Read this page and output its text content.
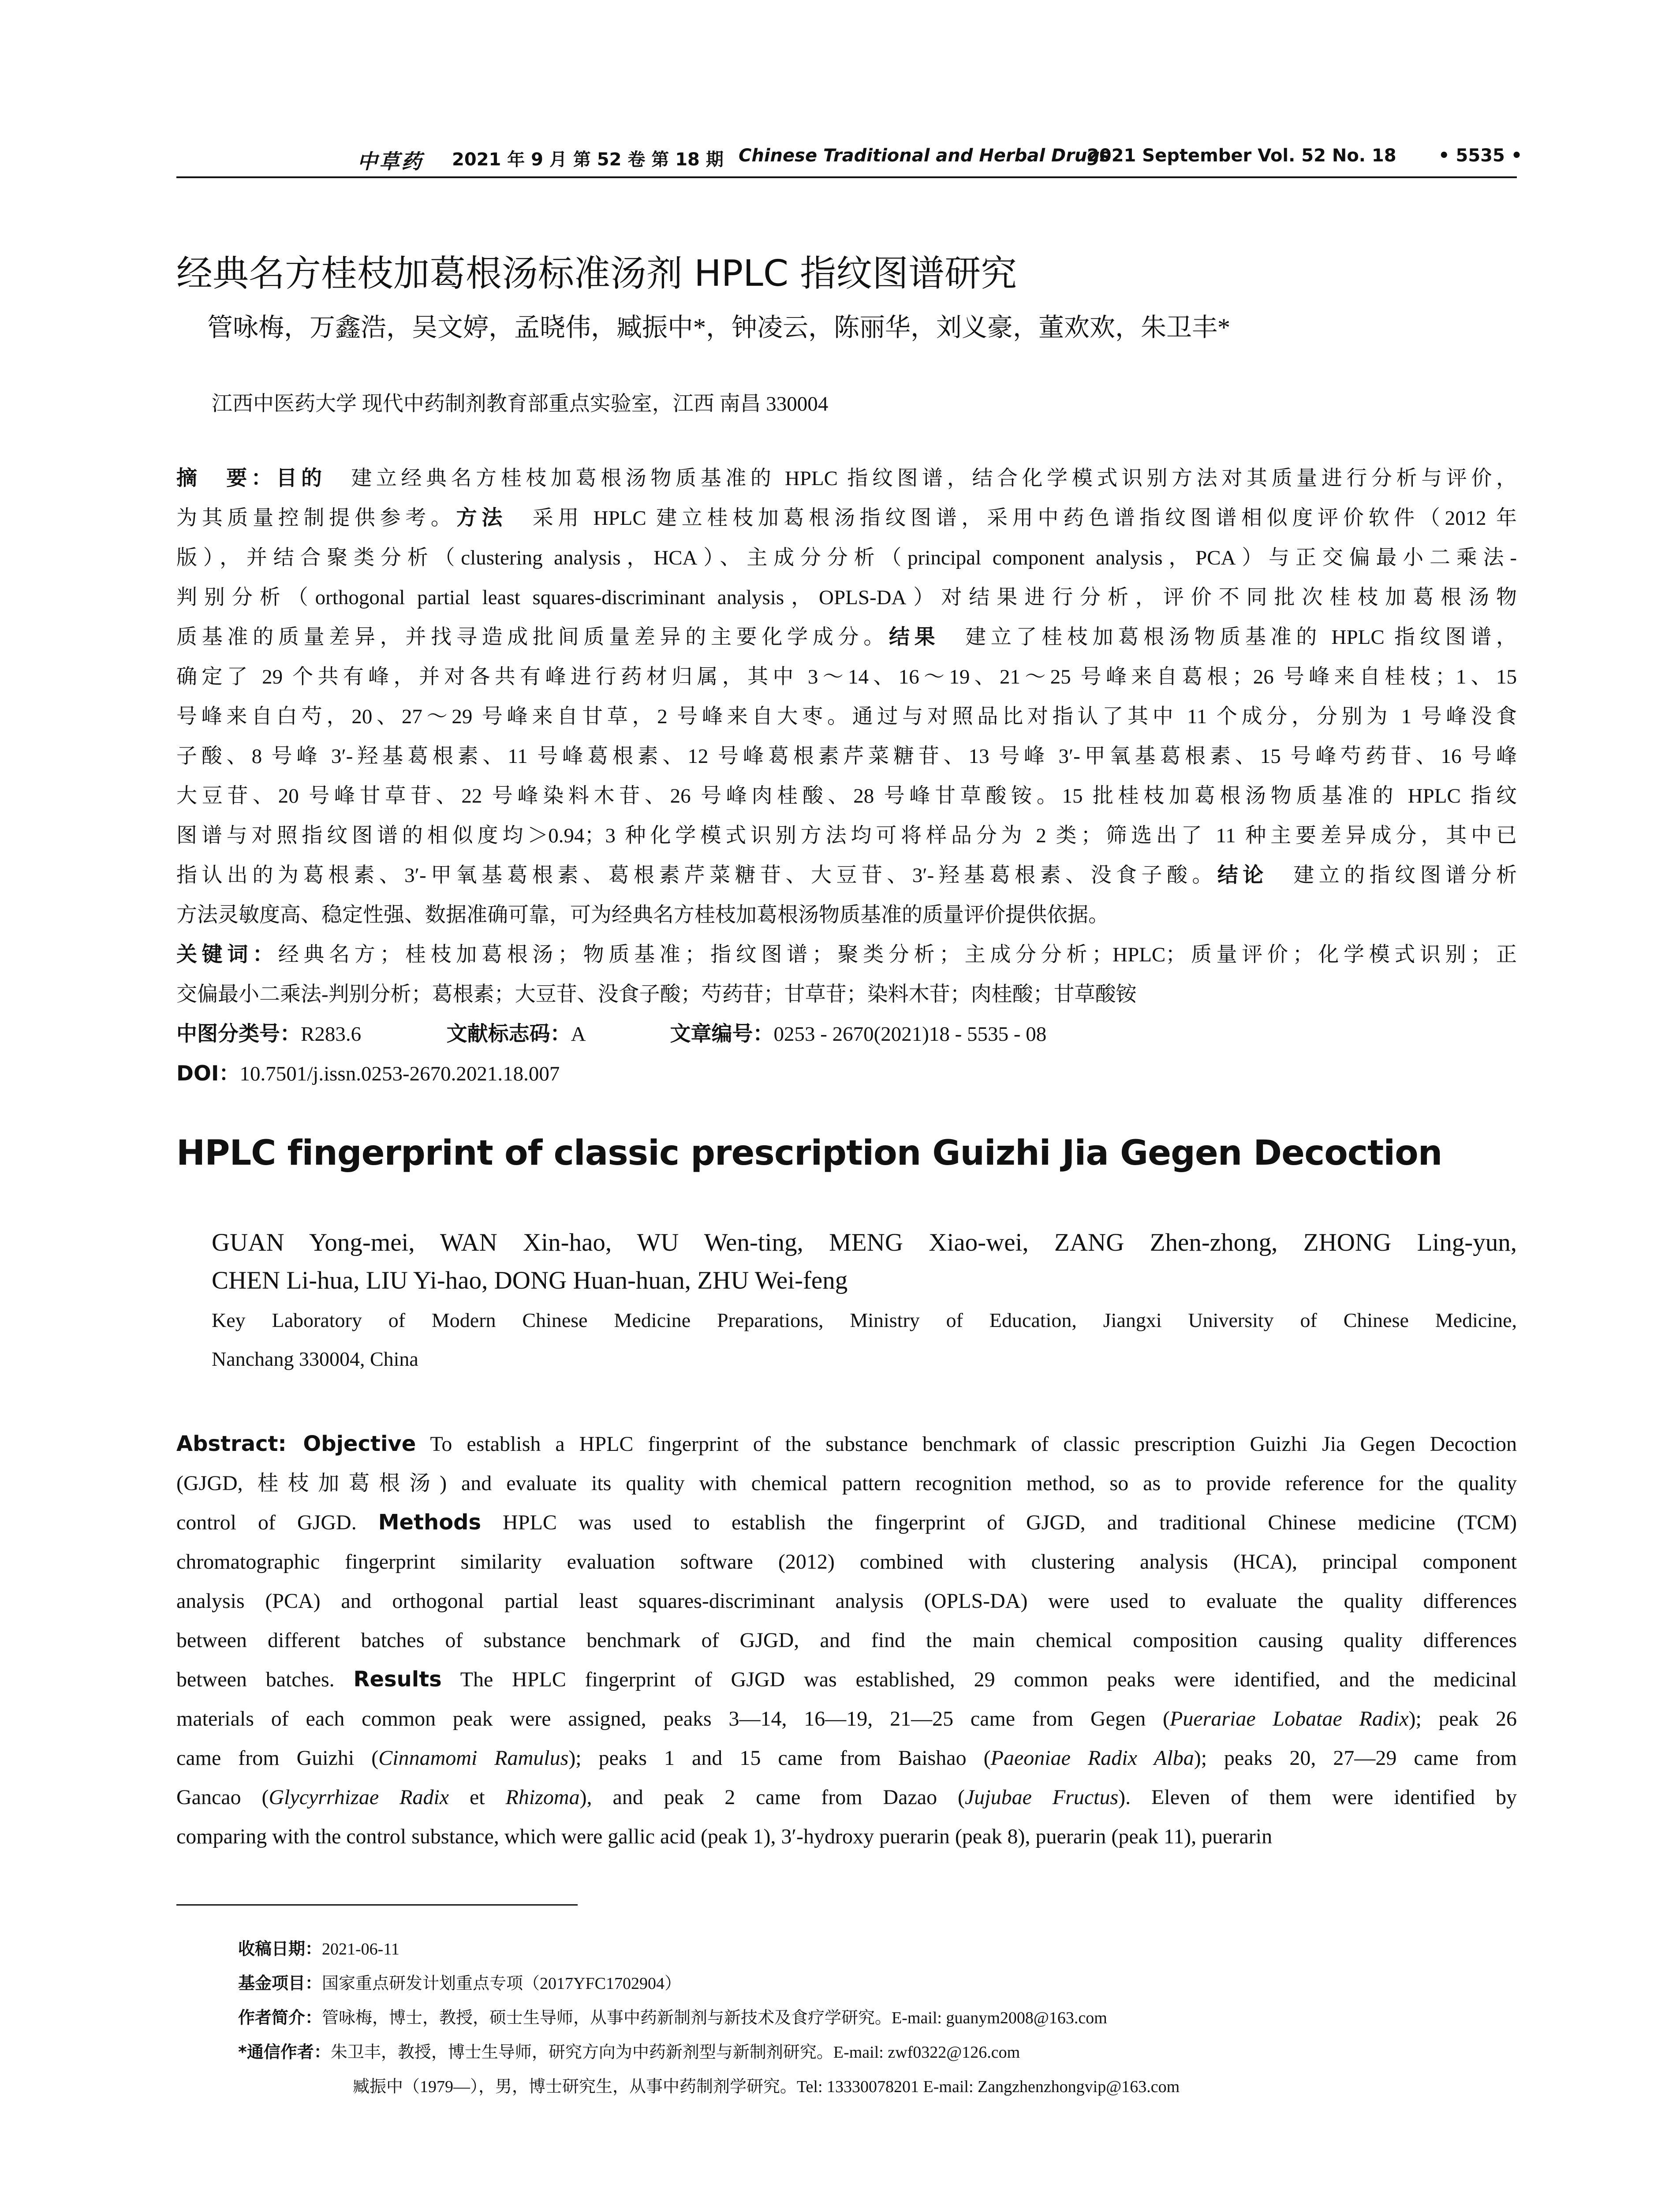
中草药 2021 年 9 月 第 52 卷 第 18 期 Chinese Traditional and Herbal Drugs
2021 September Vol. 52 No. 18 • 5535 •
经典名方桂枝加葛根汤标准汤剂 HPLC 指纹图谱研究
管咏梅，万鑫浩，吴文婷，孟晓伟，臧振中*，钟凌云，陈丽华，刘义豪，董欢欢，朱卫丰*
江西中医药大学 现代中药制剂教育部重点实验室，江西 南昌 330004
摘　要：目的　建立经典名方桂枝加葛根汤物质基准的 HPLC 指纹图谱，结合化学模式识别方法对其质量进行分析与评价，
为其质量控制提供参考。方法　采用 HPLC 建立桂枝加葛根汤指纹图谱，采用中药色谱指纹图谱相似度评价软件（2012 年
版），并结合聚类分析（clustering analysis，HCA）、主成分分析（principal component analysis，PCA）与正交偏最小二乘法-
判别分析（orthogonal partial least squares-discriminant analysis，OPLS-DA）对结果进行分析，评价不同批次桂枝加葛根汤物
质基准的质量差异，并找寻造成批间质量差异的主要化学成分。结果　建立了桂枝加葛根汤物质基准的 HPLC 指纹图谱，
确定了 29 个共有峰，并对各共有峰进行药材归属，其中 3～14、16～19、21～25 号峰来自葛根；26 号峰来自桂枝；1、15
号峰来自白芍，20、27～29 号峰来自甘草，2 号峰来自大枣。通过与对照品比对指认了其中 11 个成分，分别为 1 号峰没食
子酸、8 号峰 3′-羟基葛根素、11 号峰葛根素、12 号峰葛根素芹菜糖苷、13 号峰 3′-甲氧基葛根素、15 号峰芍药苷、16 号峰
大豆苷、20 号峰甘草苷、22 号峰染料木苷、26 号峰肉桂酸、28 号峰甘草酸铵。15 批桂枝加葛根汤物质基准的 HPLC 指纹
图谱与对照指纹图谱的相似度均＞0.94；3 种化学模式识别方法均可将样品分为 2 类；筛选出了 11 种主要差异成分，其中已
指认出的为葛根素、3′-甲氧基葛根素、葛根素芹菜糖苷、大豆苷、3′-羟基葛根素、没食子酸。结论　建立的指纹图谱分析
方法灵敏度高、稳定性强、数据准确可靠，可为经典名方桂枝加葛根汤物质基准的质量评价提供依据。
关键词：经典名方；桂枝加葛根汤；物质基准；指纹图谱；聚类分析；主成分分析；HPLC；质量评价；化学模式识别；正
交偏最小二乘法-判别分析；葛根素；大豆苷、没食子酸；芍药苷；甘草苷；染料木苷；肉桂酸；甘草酸铵
中图分类号：R283.6	文献标志码：A	文章编号：0253 - 2670(2021)18 - 5535 - 08
DOI：10.7501/j.issn.0253-2670.2021.18.007
HPLC fingerprint of classic prescription Guizhi Jia Gegen Decoction
GUAN Yong-mei, WAN Xin-hao, WU Wen-ting, MENG Xiao-wei, ZANG Zhen-zhong, ZHONG Ling-yun,
CHEN Li-hua, LIU Yi-hao, DONG Huan-huan, ZHU Wei-feng
Key Laboratory of Modern Chinese Medicine Preparations, Ministry of Education, Jiangxi University of Chinese Medicine,
Nanchang 330004, China
Abstract: Objective To establish a HPLC fingerprint of the substance benchmark of classic prescription Guizhi Jia Gegen Decoction
(GJGD, 桂枝加葛根汤) and evaluate its quality with chemical pattern recognition method, so as to provide reference for the quality
control of GJGD. Methods HPLC was used to establish the fingerprint of GJGD, and traditional Chinese medicine (TCM)
chromatographic fingerprint similarity evaluation software (2012) combined with clustering analysis (HCA), principal component
analysis (PCA) and orthogonal partial least squares-discriminant analysis (OPLS-DA) were used to evaluate the quality differences
between different batches of substance benchmark of GJGD, and find the main chemical composition causing quality differences
between batches. Results The HPLC fingerprint of GJGD was established, 29 common peaks were identified, and the medicinal
materials of each common peak were assigned, peaks 3—14, 16—19, 21—25 came from Gegen (Puerariae Lobatae Radix); peak 26
came from Guizhi (Cinnamomi Ramulus); peaks 1 and 15 came from Baishao (Paeoniae Radix Alba); peaks 20, 27—29 came from
Gancao (Glycyrrhizae Radix et Rhizoma), and peak 2 came from Dazao (Jujubae Fructus). Eleven of them were identified by
comparing with the control substance, which were gallic acid (peak 1), 3′-hydroxy puerarin (peak 8), puerarin (peak 11), puerarin
收稿日期：2021-06-11
基金项目：国家重点研发计划重点专项（2017YFC1702904）
作者简介：管咏梅，博士，教授，硕士生导师，从事中药新制剂与新技术及食疗学研究。E-mail: guanym2008@163.com
*通信作者：朱卫丰，教授，博士生导师，研究方向为中药新剂型与新制剂研究。E-mail: zwf0322@126.com
臧振中（1979—），男，博士研究生，从事中药制剂学研究。Tel: 13330078201 E-mail: Zangzhenzhongvip@163.com
